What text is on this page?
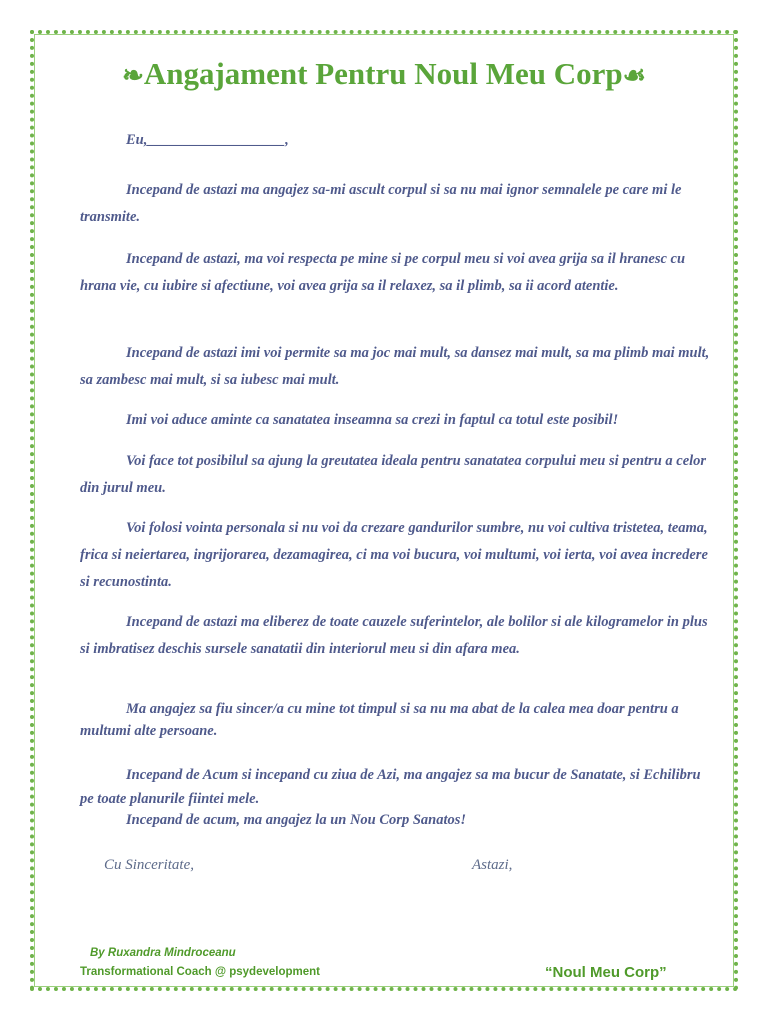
❧Angajament Pentru Noul Meu Corp☙
Eu,___________________,
Incepand de astazi ma angajez sa-mi ascult corpul si sa nu mai ignor semnalele pe care mi le transmite.
Incepand de astazi, ma voi respecta pe mine si pe corpul meu si voi avea grija sa il hranesc cu hrana vie, cu iubire si afectiune, voi avea grija sa il relaxez, sa il plimb, sa ii acord atentie.
Incepand de astazi imi voi permite sa ma joc mai mult, sa dansez mai mult, sa ma plimb mai mult, sa zambesc mai mult, si sa iubesc mai mult.
Imi voi aduce aminte ca sanatatea inseamna sa crezi in faptul ca totul este posibil!
Voi face tot posibilul sa ajung la greutatea ideala pentru sanatatea corpului meu si pentru a celor din jurul meu.
Voi folosi vointa personala si nu voi da crezare gandurilor sumbre, nu voi cultiva tristetea, teama, frica si neiertarea, ingrijorarea, dezamagirea, ci ma voi bucura, voi multumi, voi ierta, voi avea incredere si recunostinta.
Incepand de astazi ma eliberez de toate cauzele suferintelor, ale bolilor si ale kilogramelor in plus si imbratisez deschis sursele sanatatii din interiorul meu si din afara mea.
Ma angajez sa fiu sincer/a cu mine tot timpul si sa nu ma abat de la calea mea doar pentru a multumi alte persoane.
Incepand de Acum si incepand cu ziua de Azi, ma angajez sa ma bucur de Sanatate, si Echilibru pe toate planurile fiintei mele.
Incepand de acum, ma angajez la un Nou Corp Sanatos!
Cu Sinceritate,	Astazi,
By Ruxandra Mindroceanu
Transformational Coach @ psydevelopment	“Noul Meu Corp”
